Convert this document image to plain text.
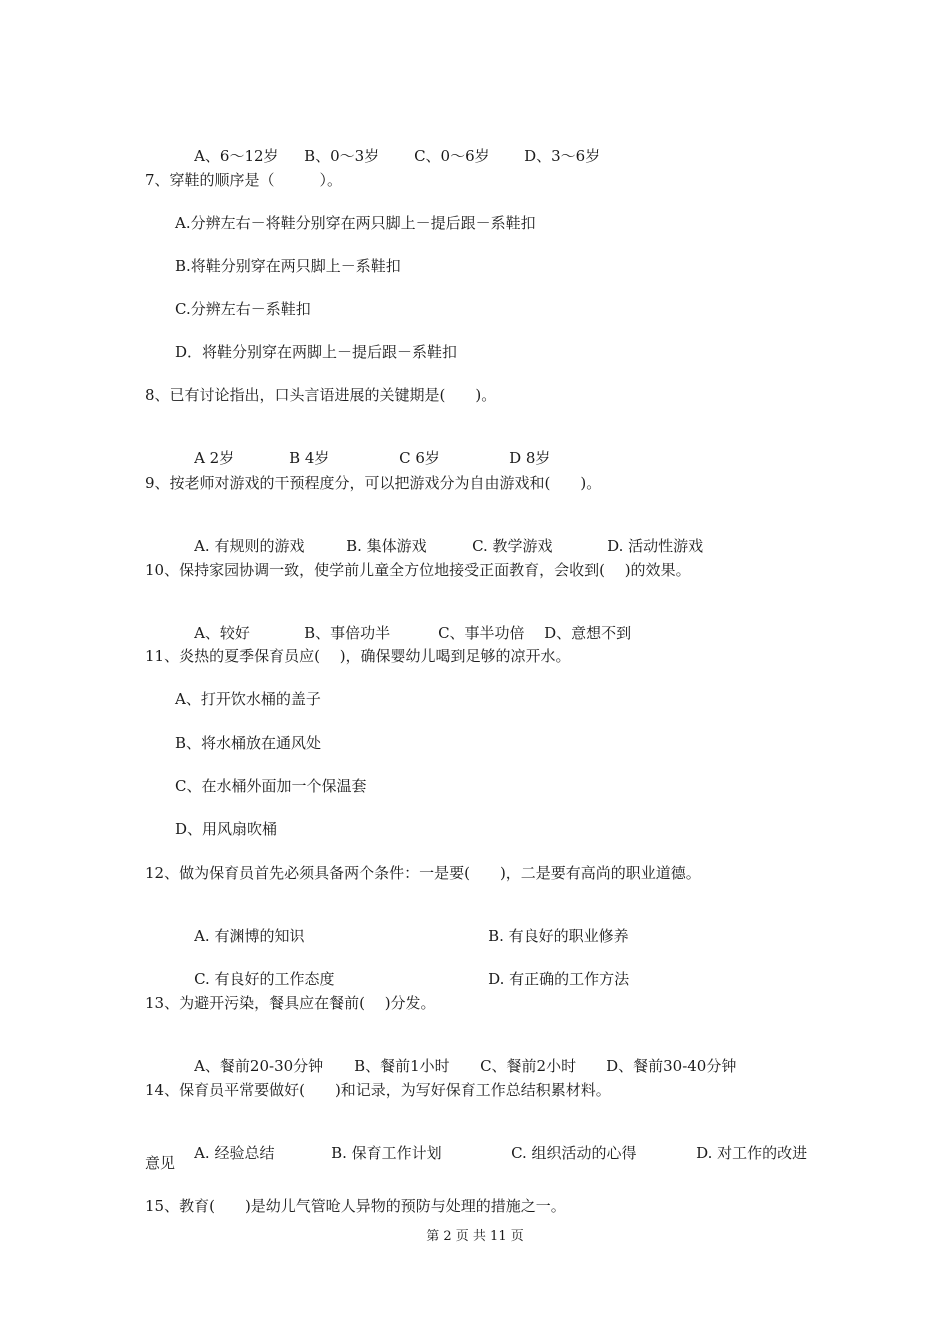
A、6～12岁 B、0～3岁 C、0～6岁 D、3～6岁

7、穿鞋的顺序是（　　　）。
A.分辨左右－将鞋分别穿在两只脚上－提后跟－系鞋扣
B.将鞋分别穿在两只脚上－系鞋扣
C.分辨左右－系鞋扣
D．将鞋分别穿在两脚上－提后跟－系鞋扣
8、已有讨论指出，口头言语进展的关键期是(　　)。

A 2岁	B 4岁	C 6岁	D 8岁

9、按老师对游戏的干预程度分，可以把游戏分为自由游戏和(　　)。

A. 有规则的游戏	B. 集体游戏	C. 教学游戏	D. 活动性游戏

10、保持家园协调一致，使学前儿童全方位地接受正面教育，会收到(　 )的效果。

A、较好	B、事倍功半	C、事半功倍 D、意想不到

11、炎热的夏季保育员应(　 )，确保婴幼儿喝到足够的凉开水。
A、打开饮水桶的盖子
B、将水桶放在通风处
C、在水桶外面加一个保温套
D、用风扇吹桶
12、做为保育员首先必须具备两个条件：一是要(　　)，二是要有高尚的职业道德。

A. 有渊博的知识	B. 有良好的职业修养

C. 有良好的工作态度	D. 有正确的工作方法

13、为避开污染，餐具应在餐前(　 )分发。

A、餐前20-30分钟 B、餐前1小时 C、餐前2小时 D、餐前30-40分钟

14、保育员平常要做好(　　)和记录，为写好保育工作总结积累材料。

A. 经验总结	B. 保育工作计划	C. 组织活动的心得	D. 对工作的改进

意见
15、教育(　　)是幼儿气管呛人异物的预防与处理的措施之一。
第 2 页 共 11 页
